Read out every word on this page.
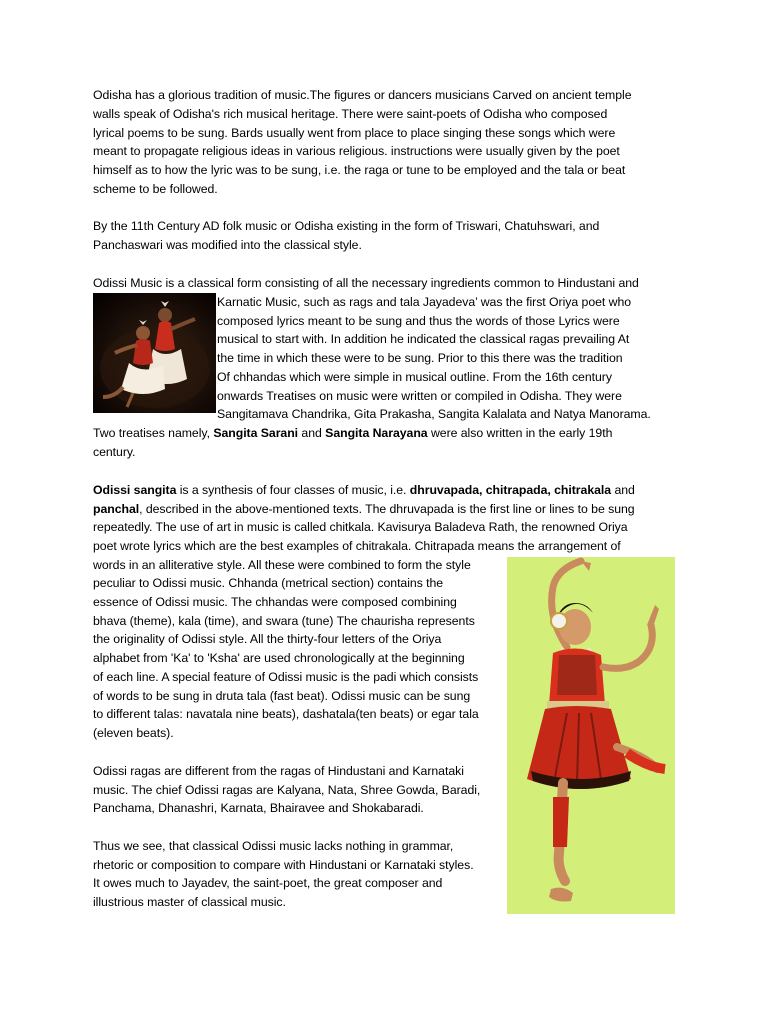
Odisha has a glorious tradition of music.The figures or dancers musicians Carved on ancient temple
walls speak of Odisha's rich musical heritage. There were saint-poets of Odisha who composed
lyrical poems to be sung. Bards usually went from place to place singing these songs which were
meant to propagate religious ideas in various religious. instructions were usually given by the poet
himself as to how the lyric was to be sung, i.e. the raga or tune to be employed and the tala or beat
scheme to be followed.
By the 11th Century AD folk music or Odisha existing in the form of Triswari, Chatuhswari, and
Panchaswari was modified into the classical style.
Odissi Music is a classical form consisting of all the necessary ingredients common to Hindustani and
Karnatic Music, such as rags and tala Jayadeva’ was the first Oriya poet who
composed lyrics meant to be sung and thus the words of those Lyrics were
musical to start with. In addition he indicated the classical ragas prevailing At
the time in which these were to be sung. Prior to this there was the tradition
Of chhandas which were simple in musical outline. From the 16th century
onwards Treatises on music were written or compiled in Odisha. They were
Sangitamava Chandrika, Gita Prakasha, Sangita Kalalata and Natya Manorama.
Two treatises namely, Sangita Sarani and Sangita Narayana were also written in the early 19th
century.
Odissi sangita is a synthesis of four classes of music, i.e. dhruvapada, chitrapada, chitrakala and
panchal, described in the above-mentioned texts. The dhruvapada is the first line or lines to be sung
repeatedly. The use of art in music is called chitkala. Kavisurya Baladeva Rath, the renowned Oriya
poet wrote lyrics which are the best examples of chitrakala. Chitrapada means the arrangement of
words in an alliterative style. All these were combined to form the style
peculiar to Odissi music. Chhanda (metrical section) contains the
essence of Odissi music. The chhandas were composed combining
bhava (theme), kala (time), and swara (tune) The chaurisha represents
the originality of Odissi style. All the thirty-four letters of the Oriya
alphabet from 'Ka' to 'Ksha' are used chronologically at the beginning
of each line. A special feature of Odissi music is the padi which consists
of words to be sung in druta tala (fast beat). Odissi music can be sung
to different talas: navatala nine beats), dashatala(ten beats) or egar tala
(eleven beats).
Odissi ragas are different from the ragas of Hindustani and Karnataki
music. The chief Odissi ragas are Kalyana, Nata, Shree Gowda, Baradi,
Panchama, Dhanashri, Karnata, Bhairavee and Shokabaradi.
Thus we see, that classical Odissi music lacks nothing in grammar,
rhetoric or composition to compare with Hindustani or Karnataki styles.
It owes much to Jayadev, the saint-poet, the great composer and
illustrious master of classical music.
